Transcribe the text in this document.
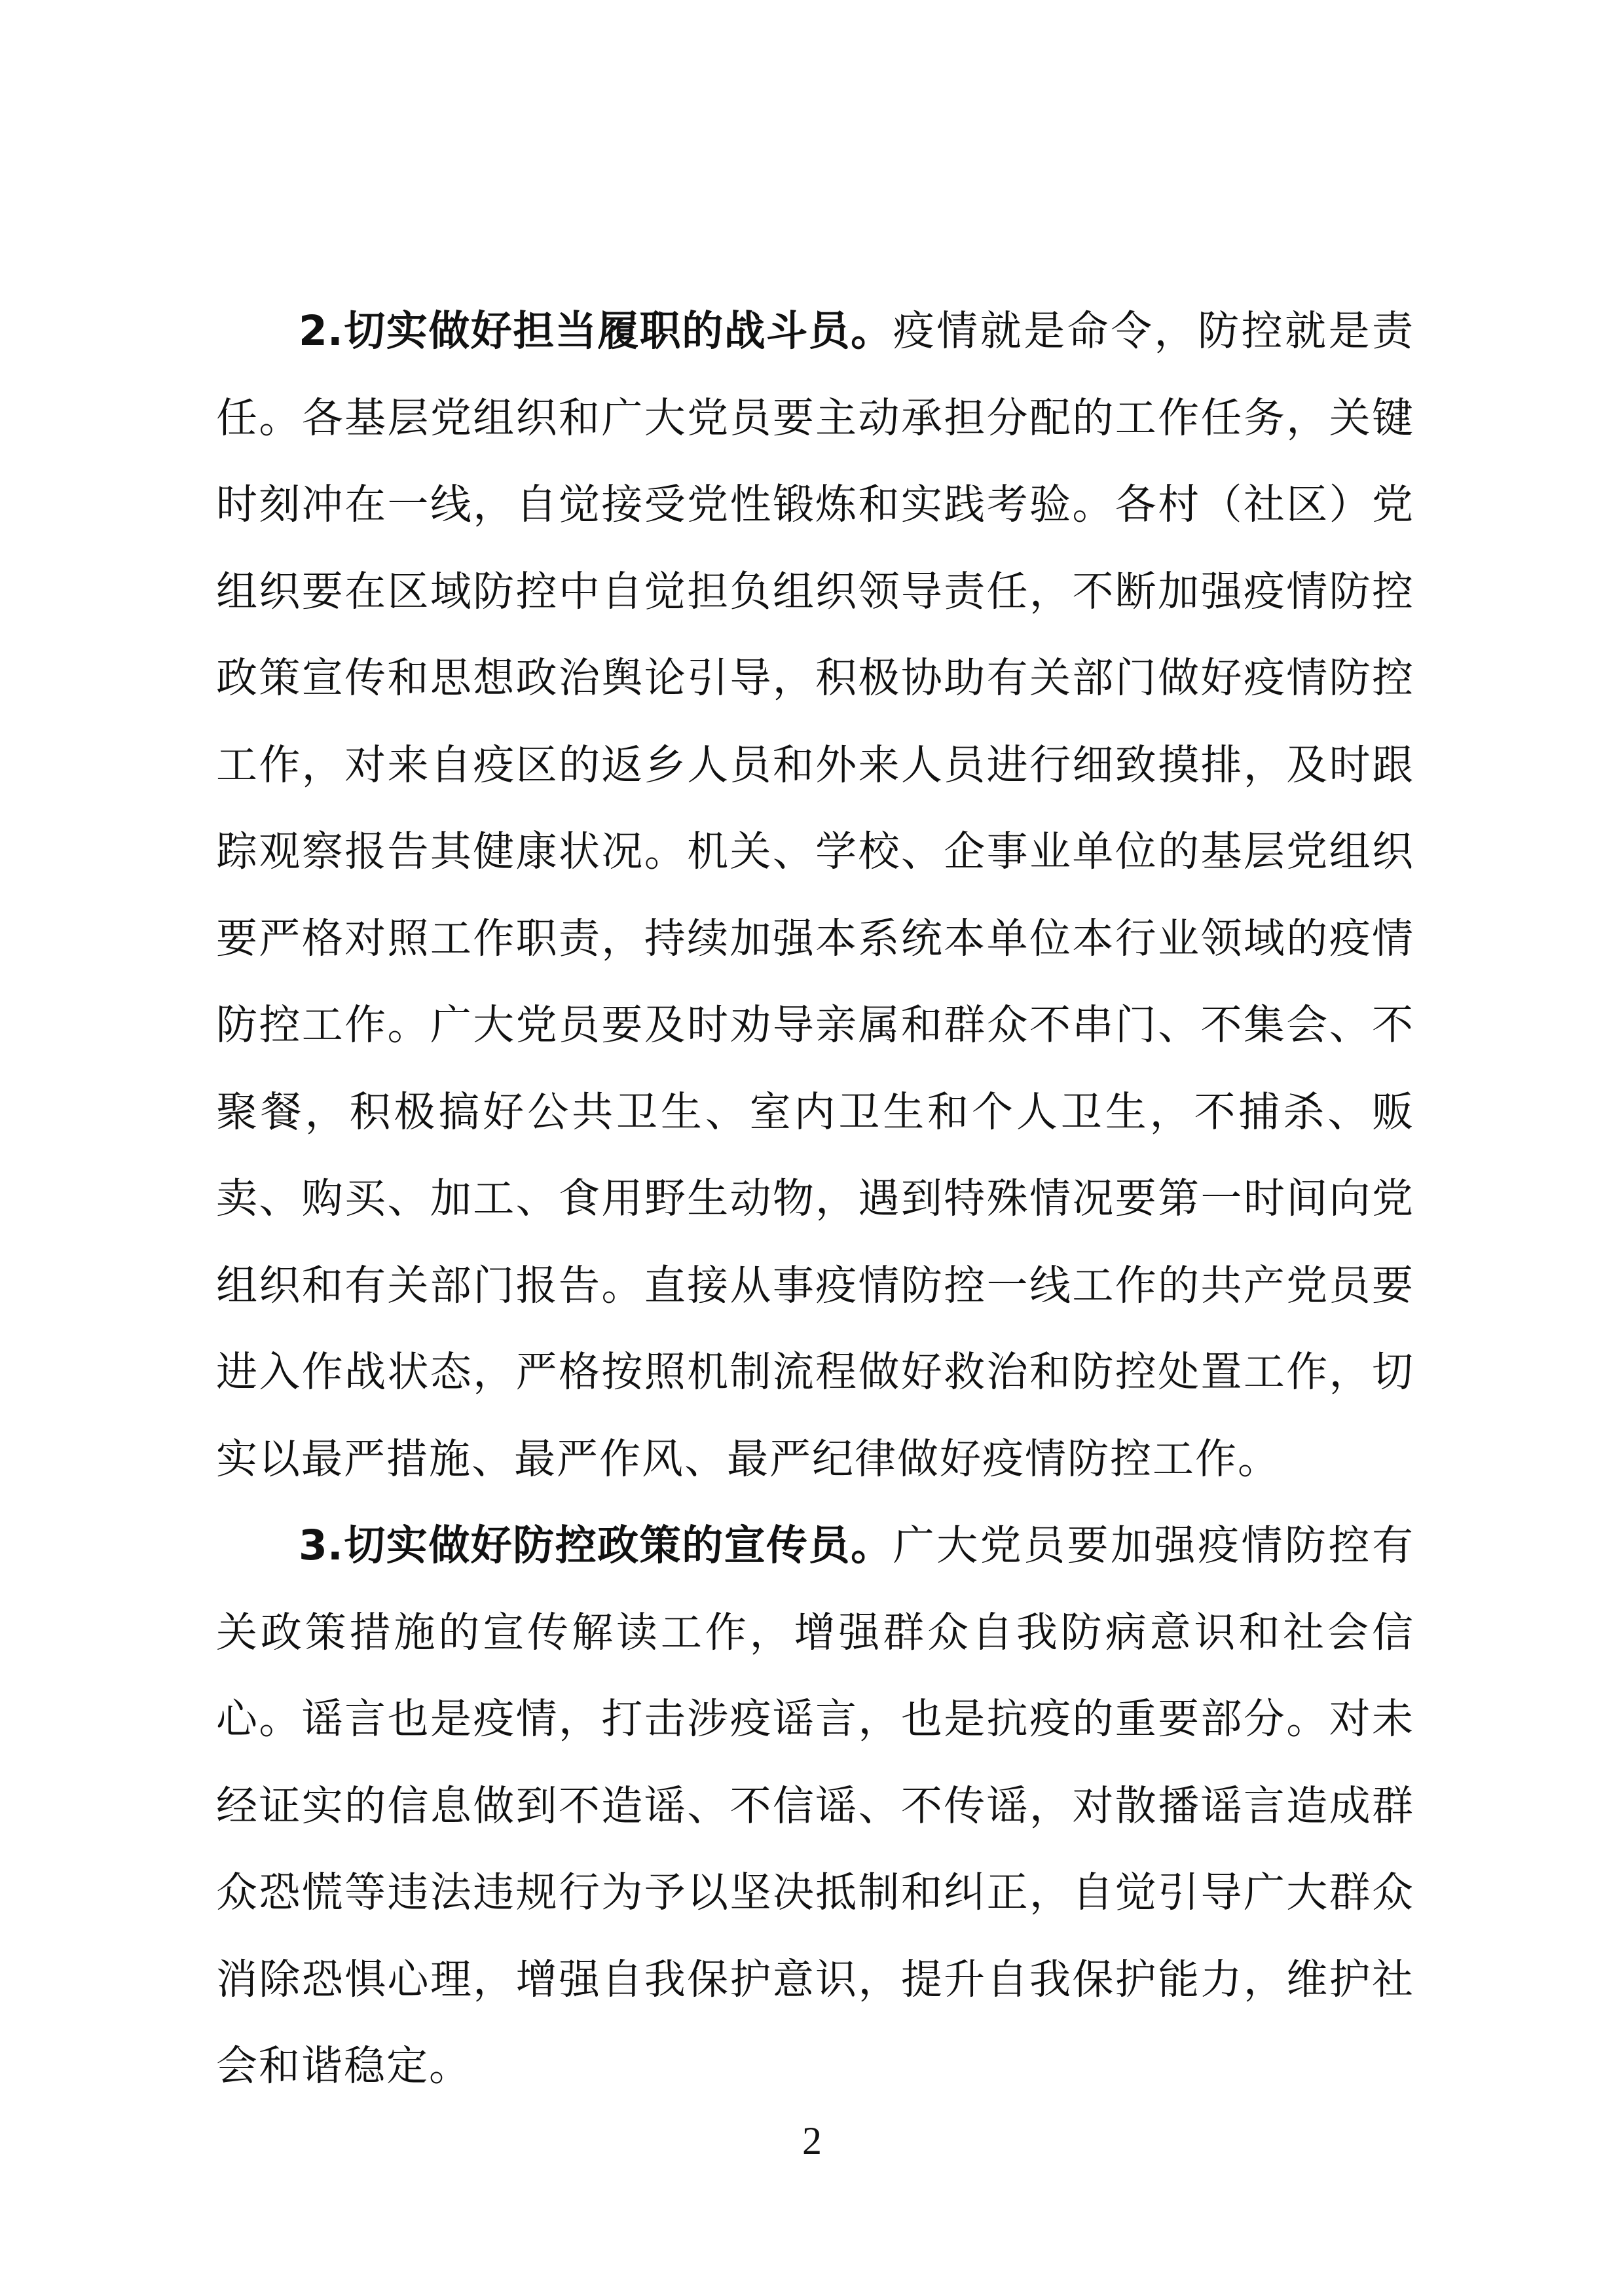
2.切实做好担当履职的战斗员。疫情就是命令，防控就是责任。各基层党组织和广大党员要主动承担分配的工作任务，关键时刻冲在一线，自觉接受党性锻炼和实践考验。各村（社区）党组织要在区域防控中自觉担负组织领导责任，不断加强疫情防控政策宣传和思想政治舆论引导，积极协助有关部门做好疫情防控工作，对来自疫区的返乡人员和外来人员进行细致摸排，及时跟踪观察报告其健康状况。机关、学校、企事业单位的基层党组织要严格对照工作职责，持续加强本系统本单位本行业领域的疫情防控工作。广大党员要及时劝导亲属和群众不串门、不集会、不聚餐，积极搞好公共卫生、室内卫生和个人卫生，不捕杀、贩卖、购买、加工、食用野生动物，遇到特殊情况要第一时间向党组织和有关部门报告。直接从事疫情防控一线工作的共产党员要进入作战状态，严格按照机制流程做好救治和防控处置工作，切实以最严措施、最严作风、最严纪律做好疫情防控工作。

3.切实做好防控政策的宣传员。广大党员要加强疫情防控有关政策措施的宣传解读工作，增强群众自我防病意识和社会信心。谣言也是疫情，打击涉疫谣言，也是抗疫的重要部分。对未经证实的信息做到不造谣、不信谣、不传谣，对散播谣言造成群众恐慌等违法违规行为予以坚决抵制和纠正，自觉引导广大群众消除恐惧心理，增强自我保护意识，提升自我保护能力，维护社会和谐稳定。

2
